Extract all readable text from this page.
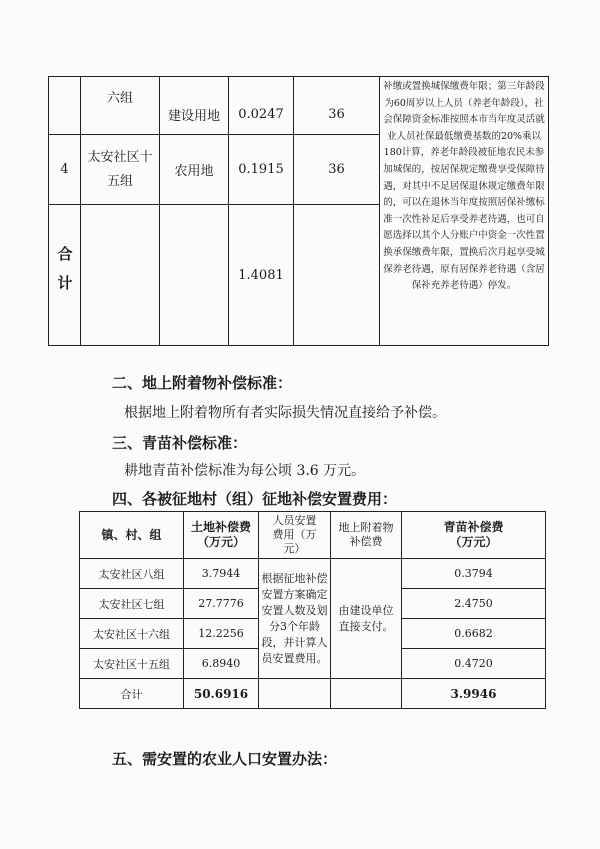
	六组	建设用地	0.0247	36	补缴或置换城保缴费年限；第三年龄段为60周岁以上人员（养老年龄段），社会保障资金标准按照本市当年度灵活就业人员社保最低缴费基数的20%乘以180计算，养老年龄段被征地农民未参加城保的，按居保规定缴费享受保障待遇，对其中不足居保退休规定缴费年限的，可以在退休当年度按照居保补缴标准一次性补足后享受养老待遇，也可自愿选择以其个人分账户中资金一次性置换承保缴费年限，置换后次月起享受城保养老待遇，原有居保养老待遇（含居保补充养老待遇）停发。
4	太安社区十五组	农用地	0.1915	36	

合计			1.4081		

二、地上附着物补偿标准：

根据地上附着物所有者实际损失情况直接给予补偿。

三、青苗补偿标准：

耕地青苗补偿标准为每公顷 3.6 万元。

四、各被征地村（组）征地补偿安置费用：

镇、村、组	土地补偿费（万元）	人员安置费用（万元）	地上附着物补偿费	青苗补偿费（万元）
太安社区八组	3.7944	根据征地补偿安置方案确定安置人数及划分3个年龄段，并计算人员安置费用。	由建设单位直接支付。	0.3794
太安社区七组	27.7776			2.4750
太安社区十六组	12.2256			0.6682
太安社区十五组	6.8940			0.4720
合计	50.6916			3.9946

五、需安置的农业人口安置办法：
